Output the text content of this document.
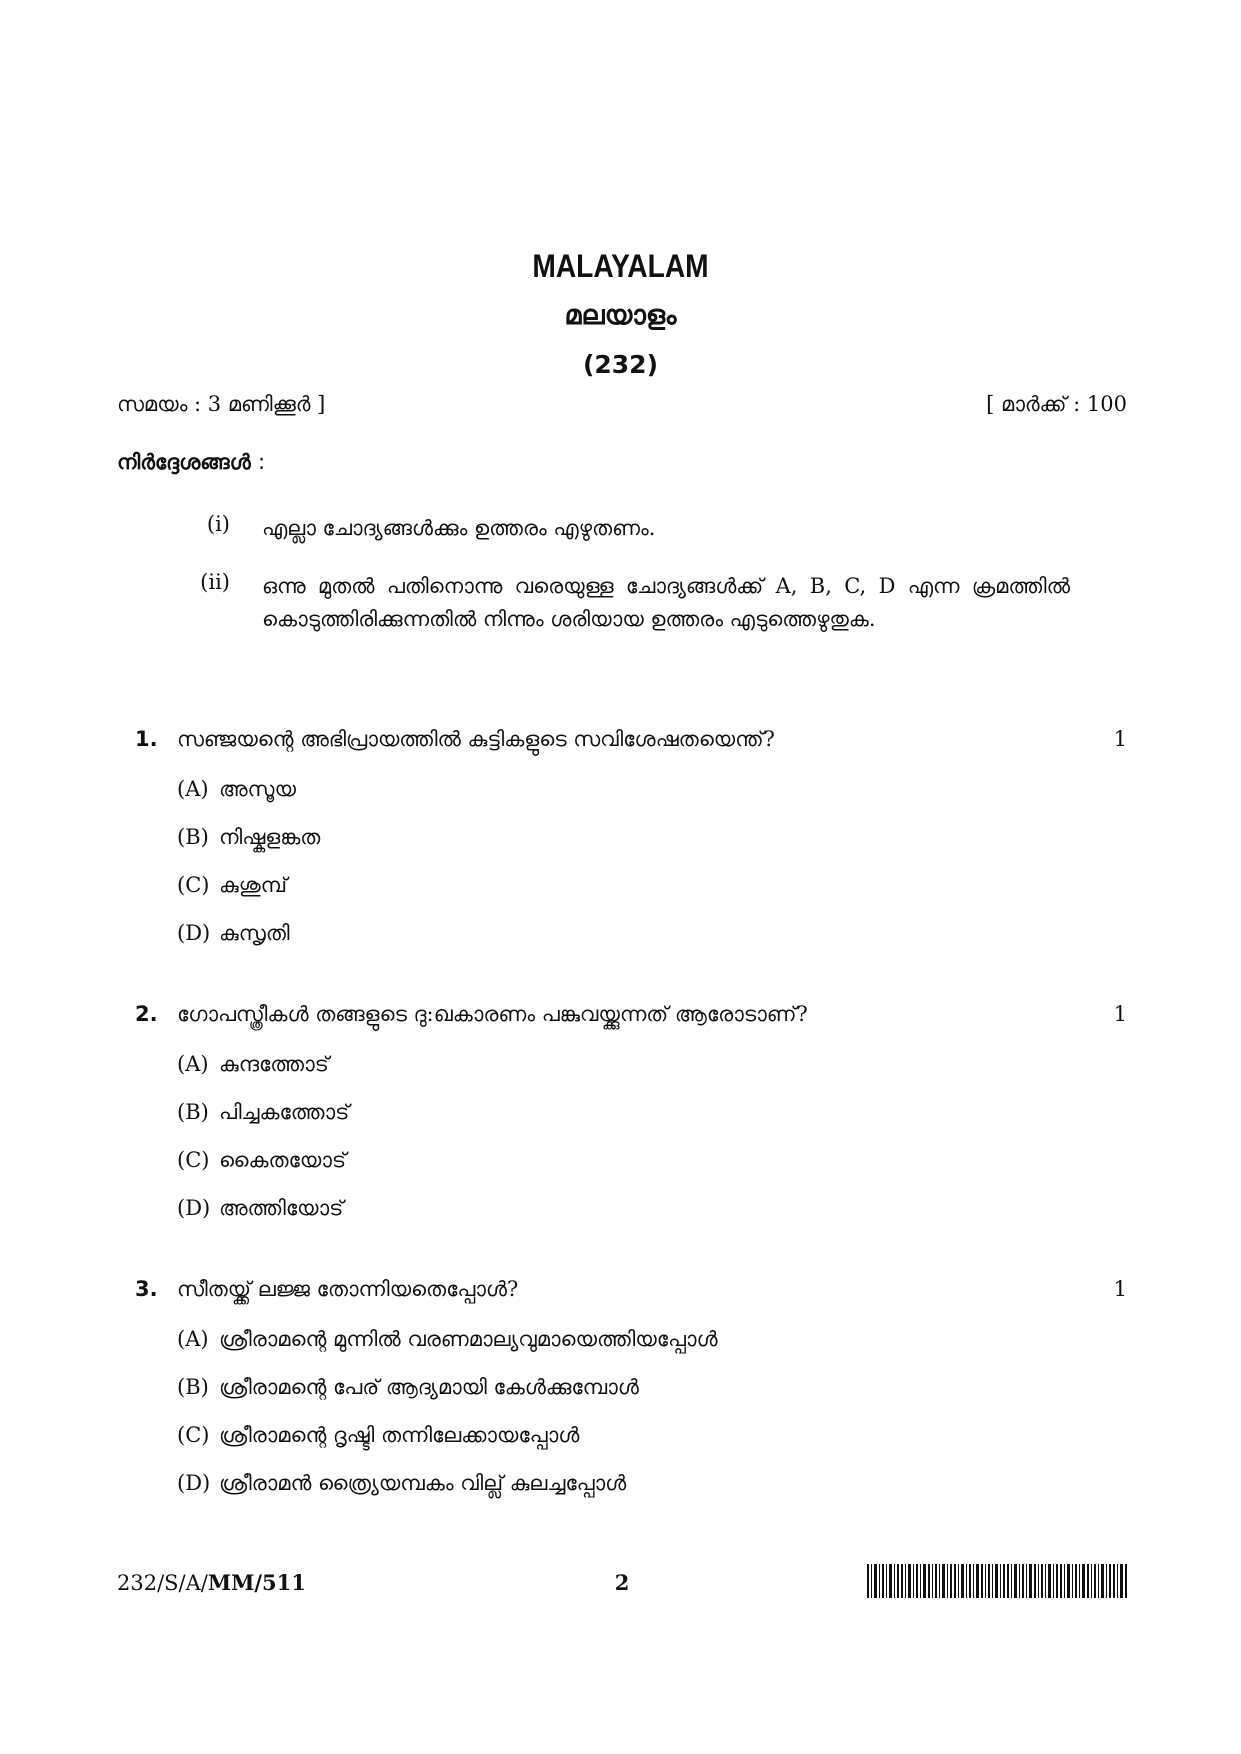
MALAYALAM
മലയാളം
(232)
സമയം : 3 മണിക്കൂർ ]	[ മാർക്ക് : 100
നിർദ്ദേശങ്ങൾ :
(i) എല്ലാ ചോദ്യങ്ങൾക്കും ഉത്തരം എഴുതണം.
(ii) ഒന്നു മുതൽ പതിനൊന്നു വരെയുള്ള ചോദ്യങ്ങൾക്ക് A, B, C, D എന്ന ക്രമത്തിൽ കൊടുത്തിരിക്കുന്നതിൽ നിന്നും ശരിയായ ഉത്തരം എടുത്തെഴുതുക.
1. സഞ്ജയന്റെ അഭിപ്രായത്തിൽ കുട്ടികളുടെ സവിശേഷതയെന്ത്?	1
(A) അസൂയ
(B) നിഷ്കളങ്കത
(C) കുശുമ്പ്
(D) കുസൃതി
2. ഗോപസ്ത്രീകൾ തങ്ങളുടെ ദു:ഖകാരണം പങ്കുവയ്ക്കുന്നത് ആരോടാണ്?	1
(A) കുന്ദത്തോട്
(B) പിച്ചകത്തോട്
(C) കൈതയോട്
(D) അത്തിയോട്
3. സീതയ്ക്ക് ലജ്ജ തോന്നിയതെപ്പോൾ?	1
(A) ശ്രീരാമന്റെ മുന്നിൽ വരണമാല്യവുമായെത്തിയപ്പോൾ
(B) ശ്രീരാമന്റെ പേര് ആദ്യമായി കേൾക്കുമ്പോൾ
(C) ശ്രീരാമന്റെ ദൃഷ്ടി തന്നിലേക്കായപ്പോൾ
(D) ശ്രീരാമൻ ത്ര്യൈയമ്പകം വില്ല് കുലച്ചപ്പോൾ
232/S/A/MM/511	2
